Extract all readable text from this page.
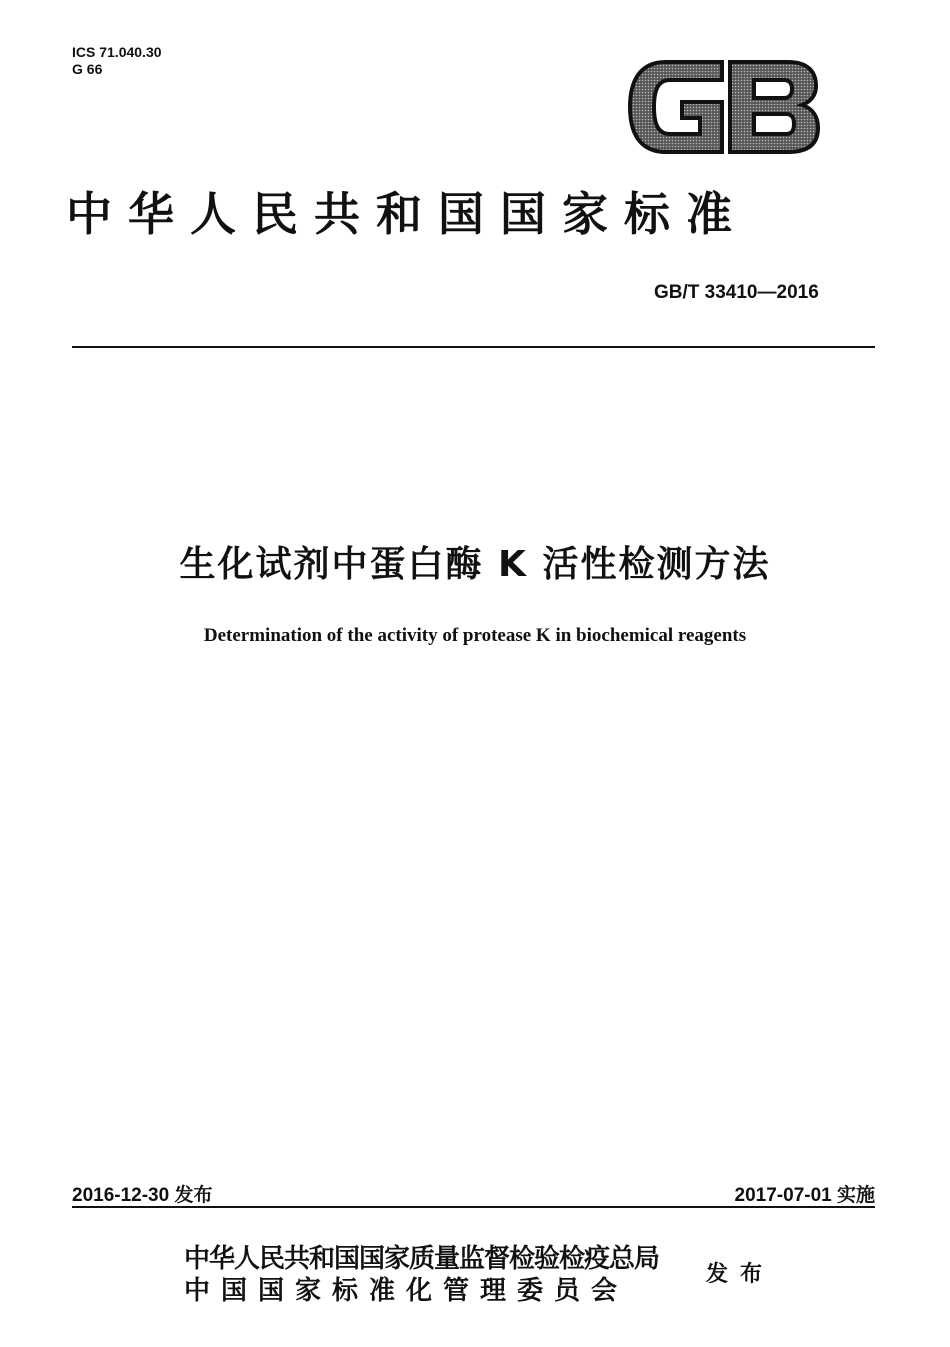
ICS 71.040.30
G 66
中华人民共和国国家标准
GB/T 33410—2016
生化试剂中蛋白酶 K 活性检测方法
Determination of the activity of protease K in biochemical reagents
2016-12-30 发布	2017-07-01 实施
中华人民共和国国家质量监督检验检疫总局
中国国家标准化管理委员会
发布
